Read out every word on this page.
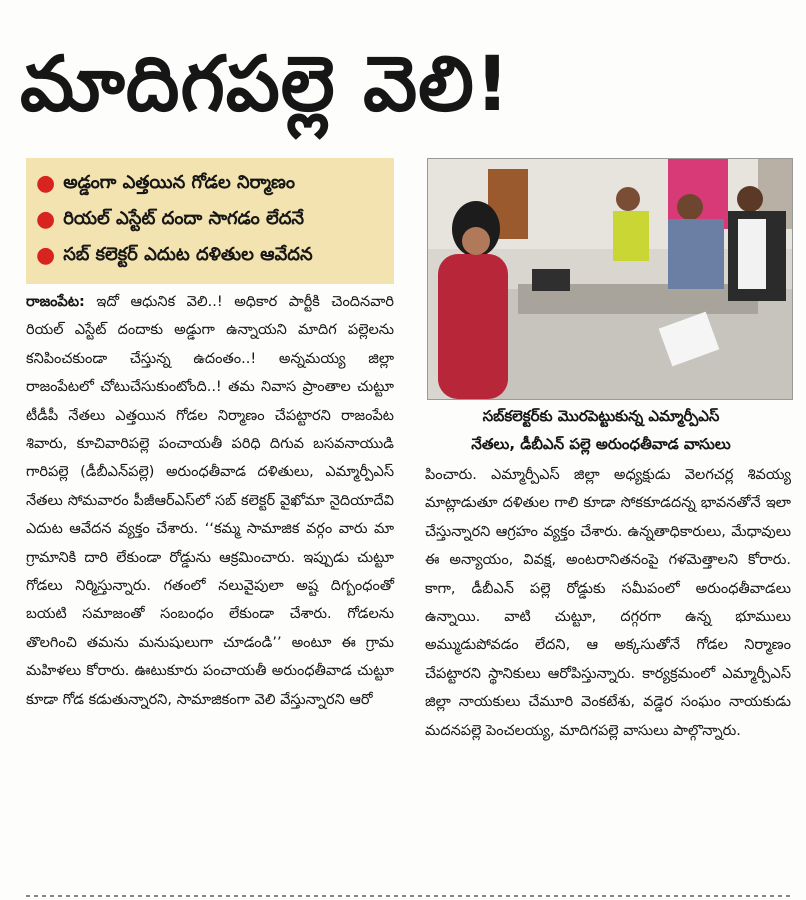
మాదిగపల్లె వెలి!
● అడ్డంగా ఎత్తయిన గోడల నిర్మాణం
● రియల్ ఎస్టేట్ దందా సాగడం లేదనే
● సబ్ కలెక్టర్ ఎదుట దళితుల ఆవేదన
సబ్‌కలెక్టర్‌కు మొరపెట్టుకున్న ఎమ్మార్పీఎస్
నేతలు, డీబీఎన్ పల్లె అరుంధతీవాడ వాసులు

రాజంపేట: ఇదో ఆధునిక వెలి..! అధికార పార్టీకి చెందినవారి రియల్ ఎస్టేట్ దందాకు అడ్డుగా ఉన్నాయని మాదిగ పల్లెలను కనిపించకుండా చేస్తున్న ఉదంతం..! అన్నమయ్య జిల్లా రాజంపేటలో చోటుచేసుకుంటోంది..! తమ నివాస ప్రాంతాల చుట్టూ టీడీపీ నేతలు ఎత్తయిన గోడల నిర్మాణం చేపట్టారని రాజంపేట శివారు, కూచివారిపల్లె పంచాయతీ పరిధి దిగువ బసవనాయుడి గారిపల్లె (డీబీఎన్‌పల్లె) అరుంధతీవాడ దళితులు, ఎమ్మార్పీఎస్ నేతలు సోమవారం పీజీఆర్‌ఎస్‌లో సబ్ కలెక్టర్ వైఖోమా నైదియాదేవి ఎదుట ఆవేదన వ్యక్తం చేశారు. ‘‘కమ్మ సామాజిక వర్గం వారు మా గ్రామానికి దారి లేకుండా రోడ్డును ఆక్రమించారు. ఇప్పుడు చుట్టూ గోడలు నిర్మిస్తున్నారు. గతంలో నలువైపులా అష్ట దిగ్బంధంతో బయటి సమాజంతో సంబంధం లేకుండా చేశారు. గోడలను తొలగించి తమను మనుషులుగా చూడండి’’ అంటూ ఈ గ్రామ మహిళలు కోరారు. ఊటుకూరు పంచాయతీ అరుంధతీవాడ చుట్టూ కూడా గోడ కడుతున్నారని, సామాజికంగా వెలి వేస్తున్నారని ఆరో

పించారు. ఎమ్మార్పీఎస్ జిల్లా అధ్యక్షుడు వెలగచర్ల శివయ్య మాట్లాడుతూ దళితుల గాలి కూడా సోకకూడదన్న భావనతోనే ఇలా చేస్తున్నారని ఆగ్రహం వ్యక్తం చేశారు. ఉన్నతాధికారులు, మేధావులు ఈ అన్యాయం, వివక్ష, అంటరానితనంపై గళమెత్తాలని కోరారు. కాగా, డీబీఎన్ పల్లె రోడ్డుకు సమీపంలో అరుంధతీవాడలు ఉన్నాయి. వాటి చుట్టూ, దగ్గరగా ఉన్న భూములు అమ్ముడుపోవడం లేదని, ఆ అక్కసుతోనే గోడల నిర్మాణం చేపట్టారని స్థానికులు ఆరోపిస్తున్నారు. కార్యక్రమంలో ఎమ్మార్పీఎస్ జిల్లా నాయకులు చేమూరి వెంకటేశు, వడ్డెర సంఘం నాయకుడు మదనపల్లె పెంచలయ్య, మాదిగపల్లె వాసులు పాల్గొన్నారు.
